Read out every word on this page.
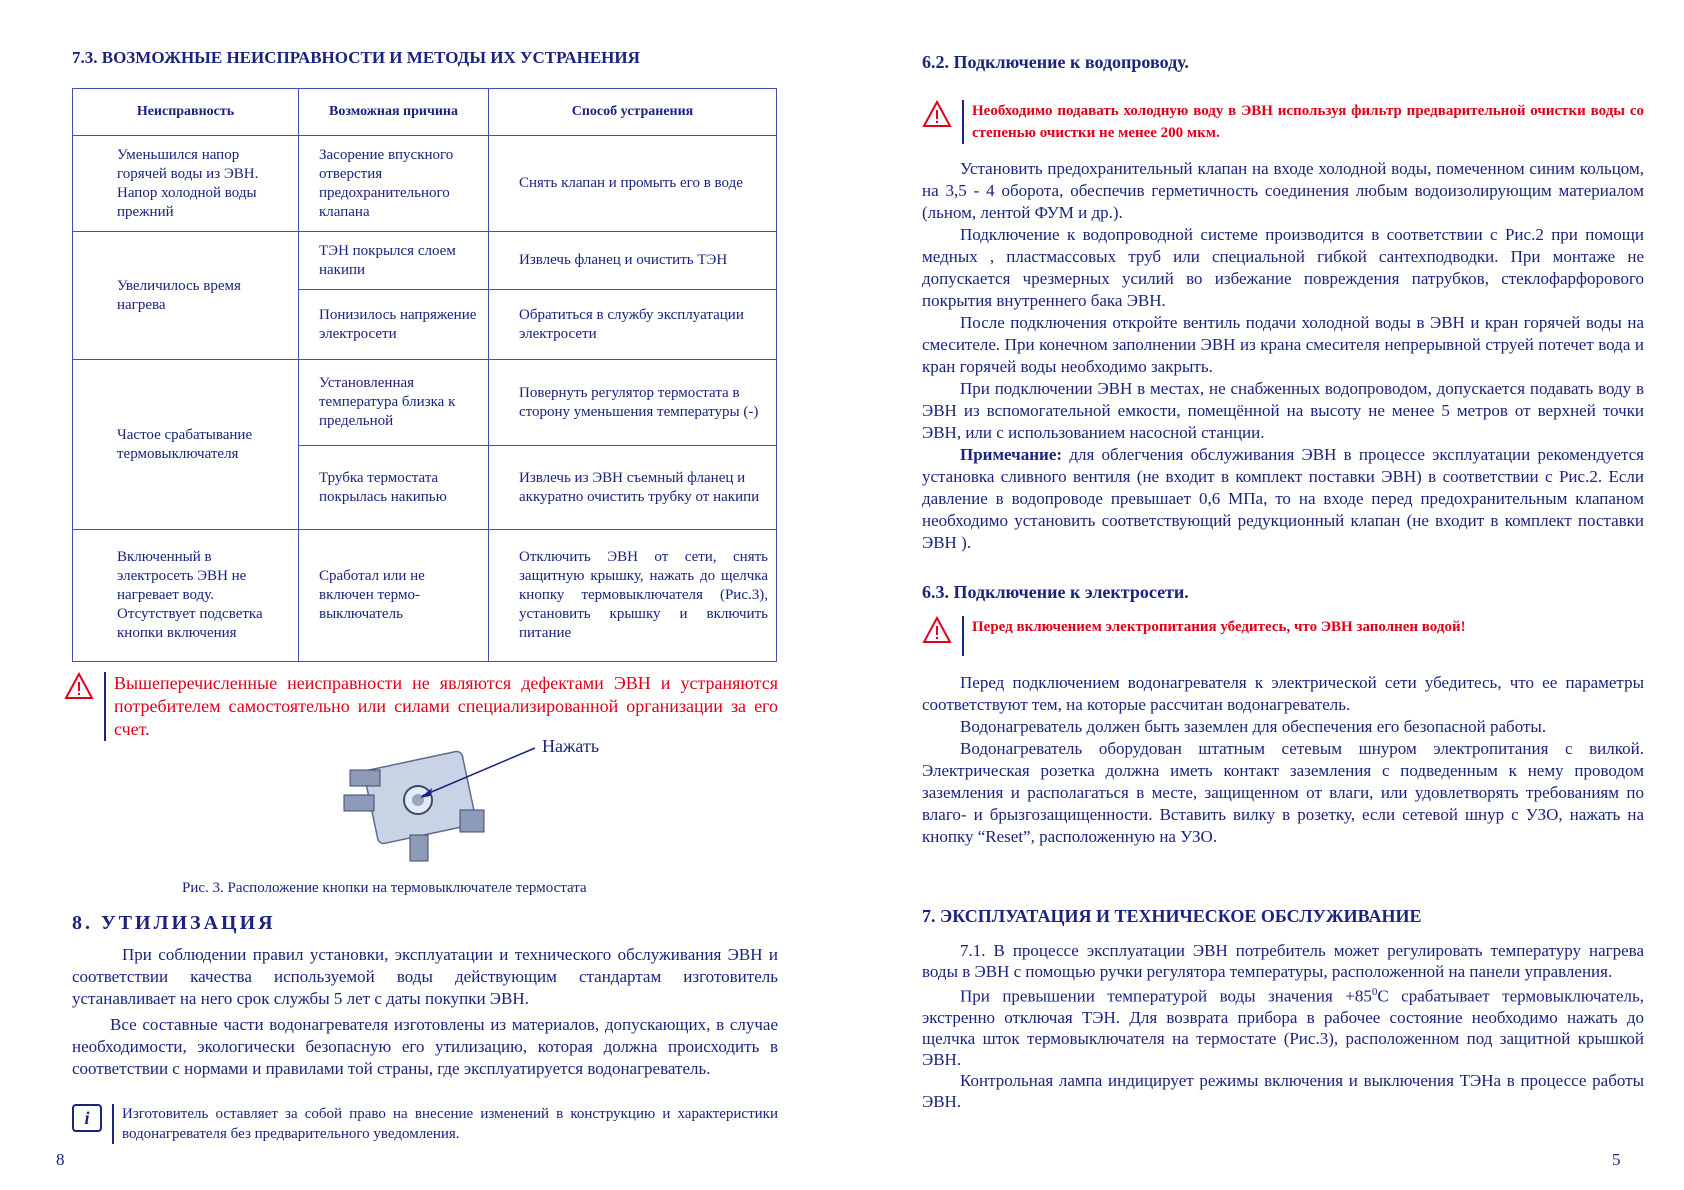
7.3. ВОЗМОЖНЫЕ НЕИСПРАВНОСТИ И МЕТОДЫ ИХ УСТРАНЕНИЯ
Неисправность	Возможная причина	Способ устранения
Уменьшился напор горячей воды из ЭВН. Напор холодной воды прежний	Засорение впускного отверстия предохранительного клапана	Снять клапан и промыть его в воде
Увеличилось время нагрева	ТЭН покрылся слоем накипи	Извлечь фланец и очистить ТЭН
	Понизилось напряжение электросети	Обратиться в службу эксплуатации электросети
Частое срабатывание термовыключателя	Установленная температура близка к предельной	Повернуть регулятор термостата в сторону уменьшения температуры (-)
	Трубка термостата покрылась накипью	Извлечь из ЭВН съемный фланец и аккуратно очистить трубку от накипи
Включенный в электросеть ЭВН не нагревает воду. Отсутствует подсветка кнопки включения	Сработал или не включен термо-выключатель	Отключить ЭВН от сети, снять защитную крышку, нажать до щелчка кнопку термовыключателя (Рис.3), установить крышку и включить питание
Вышеперечисленные неисправности не являются дефектами ЭВН и устраняются потребителем самостоятельно или силами специализированной организации за его счет.
Нажать
Рис. 3. Расположение кнопки на термовыключателе термостата
8. УТИЛИЗАЦИЯ

При соблюдении правил установки, эксплуатации и технического обслуживания ЭВН и соответствии качества используемой воды действующим стандартам изготовитель устанавливает на него срок службы 5 лет с даты покупки ЭВН.

Все составные части водонагревателя изготовлены из материалов, допускающих, в случае необходимости, экологически безопасную его утилизацию, которая должна происходить в соответствии с нормами и правилами той страны, где эксплуатируется водонагреватель.

i	Изготовитель оставляет за собой право на внесение изменений в конструкцию и характеристики водонагревателя без предварительного уведомления.
8
6.2. Подключение к водопроводу.
Необходимо подавать холодную воду в ЭВН используя фильтр предварительной очистки воды со степенью очистки не менее 200 мкм.

Установить предохранительный клапан на входе холодной воды, помеченном синим кольцом, на 3,5 - 4 оборота, обеспечив герметичность соединения любым водоизолирующим материалом (льном, лентой ФУМ и др.).

Подключение к водопроводной системе производится в соответствии с Рис.2 при помощи медных , пластмассовых труб или специальной гибкой сантехподводки. При монтаже не допускается чрезмерных усилий во избежание повреждения патрубков, стеклофарфорового покрытия внутреннего бака ЭВН.

После подключения откройте вентиль подачи холодной воды в ЭВН и кран горячей воды на смесителе. При конечном заполнении ЭВН из крана смесителя непрерывной струей потечет вода и кран горячей воды необходимо закрыть.

При подключении ЭВН в местах, не снабженных водопроводом, допускается подавать воду в ЭВН из вспомогательной емкости, помещённой на высоту не менее 5 метров от верхней точки ЭВН, или с использованием насосной станции.

Примечание: для облегчения обслуживания ЭВН в процессе эксплуатации рекомендуется установка сливного вентиля (не входит в комплект поставки ЭВН) в соответствии с Рис.2. Если давление в водопроводе превышает 0,6 МПа, то на входе перед предохранительным клапаном необходимо установить соответствующий редукционный клапан (не входит в комплект поставки ЭВН ).

6.3. Подключение к электросети.
Перед включением электропитания убедитесь, что ЭВН заполнен водой!

Перед подключением водонагревателя к электрической сети убедитесь, что ее параметры соответствуют тем, на которые рассчитан водонагреватель.

Водонагреватель должен быть заземлен для обеспечения его безопасной работы.

Водонагреватель оборудован штатным сетевым шнуром электропитания с вилкой. Электрическая розетка должна иметь контакт заземления с подведенным к нему проводом заземления и располагаться в месте, защищенном от влаги, или удовлетворять требованиям по влаго- и брызгозащищенности. Вставить вилку в розетку, если сетевой шнур с УЗО, нажать на кнопку “Reset”, расположенную на УЗО.

7. ЭКСПЛУАТАЦИЯ И ТЕХНИЧЕСКОЕ ОБСЛУЖИВАНИЕ

7.1. В процессе эксплуатации ЭВН потребитель может регулировать температуру нагрева воды в ЭВН с помощью ручки регулятора температуры, расположенной на панели управления.

При превышении температурой воды значения $+85^0С$ срабатывает термовыключатель, экстренно отключая ТЭН. Для возврата прибора в рабочее состояние необходимо нажать до щелчка шток термовыключателя на термостате (Рис.3), расположенном под защитной крышкой ЭВН.

Контрольная лампа индицирует режимы включения и выключения ТЭНа в процессе работы ЭВН.

5
